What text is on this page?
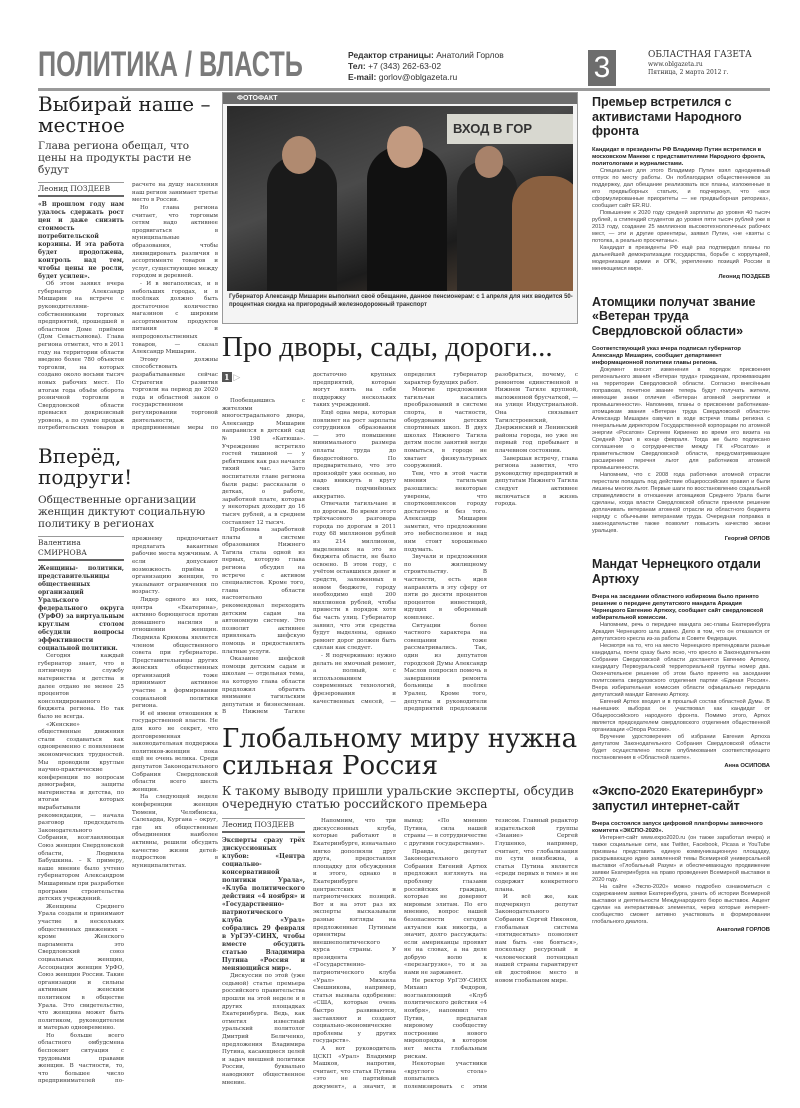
ПОЛИТИКА / ВЛАСТЬ	Редактор страницы: Анатолий Горлов
Тел: +7 (343) 262-63-02
E-mail: gorlov@oblgazeta.ru	3	ОБЛАСТНАЯ ГАЗЕТА
www.oblgazeta.ru
Пятница, 2 марта 2012 г.
Выбирай наше – местное
Глава региона обещал, что цены на продукты расти не будут
Леонид ПОЗДЕЕВ
«В прошлом году нам удалось сдержать рост цен и даже снизить стоимость потребительской корзины. И эта работа будет продолжена, контроль над тем, чтобы цены не росли, будет усилен».

Об этом заявил вчера губернатор Александр Мишарин на встрече с руководителями-собственниками торговых предприятий, прошедшей в областном Доме приёмов (Дом Севастьянова). Глава региона отметил, что в 2011 году на территории области введено более 780 объектов торговли, на которых создано около восьми тысяч новых рабочих мест. По итогам года объём оборота розничной торговли в Свердловской области превысил докризисный уровень, а по сумме продаж потребительских товаров в расчете на душу населения наш регион занимает третье место в России.

Но глава региона считает, что торговым сетям надо активнее продвигаться в муниципальные образования, чтобы ликвидировать различия в ассортименте товаров и услуг, существующие между городом и деревней.

- И в мегаполисах, и в небольших городах, и в посёлках должно быть достаточное количество магазинов с широким ассортиментом продуктов питания и непродовольственных товаров, — сказал Александр Мишарин.

Этому должны способствовать разрабатываемые сейчас Стратегия развития торговли на период до 2020 года и областной закон о государственном регулировании торговой деятельности, предприниемые меры по

Вперёд, подруги!
Общественные организации женщин диктуют социальную политику в регионах
Валентина СМИРНОВА
Женщины- политики, представительницы общественных организаций Уральского федерального округа (УрФО) за виртуальным круглым столом обсудили вопросы эффективности социальной политики.

Сегодня каждый губернатор знает, что в пятничную службу материнства и детства и далее отдано не менее 25 процентов консолидированного бюджета региона. Но так было не всегда.

«Женские» общественные движения стали создаваться как одновременно с появлением экономических трудностей. Мы проводили круглые научно-практические конференции по вопросам демографии, защиты материнства и детства, по итогам которых вырабатывали рекомендации, — начала разговор председатель Законодательного Собрания, возглавляющая Союз женщин Свердловской области, Людмила Бабушкина. – К примеру, наше мнение было учтено губернатором Александром Мишариным при разработке программ строительства детских учреждений.

Женщины Среднего Урала создали и принимают участие в нескольких общественных движениях – кроме Женского парламента это Свердловский союз социальных женщин, Ассоциация женщин УрФО, Союз женщин России. Такие организации и сильны активным женским политиком в обществе Урала. Это свидетельство, что женщина может быть политиком, руководителем и матерью одновременно.

Но больше всего областного омбудсмена беспокоит ситуация с трудовыми правами женщин. В частности, то, что большее число предпринимателей по-прежнему предпочитает предлагать вакантные рабочие места мужчинам. А если допускают возможность приёма в организацию женщин, то указывают ограничения по возрасту.

Лидер одного из них, центра «Екатерина», активно борющегося против домашнего насилия в отношении женщин. Людмила Крюкова является членом общественного совета при губернаторе. Представительницы других женских общественных организаций тоже принимают активное участие в формировании социальной политики региона.

И её имени отношения к государственной власти. Не для кого не секрет, что долговременная законодательная поддержка политиков-женщин пока ещё не очень велика. Среди депутатов Законодательного Собрания Свердловской области всего шесть женщин.

На следующей неделе конференции женщин Тюмени, Челябинска, Салехарда, Кургана – округ, где их общественные объединения наиболее активны, решили обсудить качество жизни детей-подростков в муниципалитетах.

ФОТОФАКТ
ВХОД В ГОР
Губернатор Александр Мишарин выполнил своё обещание, данное пенсионерам: с 1 апреля для них вводится 50-процентная скидка на пригородный железнодорожный транспорт
Про дворы, сады, дороги...
1 ▷

Пообещавшись с жителями многострадального двора, Александр Мишарин направился в детский сад № 198 «Катюша». Учреждение встретило гостей тишиной — у ребятишек как раз начался тихий час. Зато воспитатели главе региона были рады: рассказали о детках, о работе, заработной плате, которая у некоторых доходит до 16 тысяч рублей, а в среднем составляет 12 тысяч.

Проблема заработной платы в системе образования Нижнего Тагила стала одной из первых, которую глава региона обсудил на встрече с активом специалистов. Кроме того, глава области настоятельно рекомендовал переходить детским садам на автономную систему. Это позволит активнее привлекать шефскую помощь и предоставлять платные услуги.

Оказание шефской помощи детским садам и школам — отдельная тема, на которую глава области предложил обратить внимание тагильским депутатам и бизнесменам. В Нижнем Тагиле достаточно крупных предприятий, которые могут взять на себя поддержку нескольких таких учреждений.

Ещё одна мера, которая повлияет на рост зарплаты сотрудников образования — это повышение минимального размера оплаты труда до биодостойного. По предварительно, что это произойдёт уже осенью, но надо вникнуть в кругу своих подчинённых аккуратно.

Отвечали тагильчане и по дорогам. Во время этого трёхчасового разговора города по дорогам в 2011 году 68 миллионов рублей из 214 миллионов, выделенных на это из бюджета области, не было освоено. В этом году, с учётом оставшихся денег и средств, заложенных в новом бюджете, городу необходимо ещё 200 миллионов рублей, чтобы привести в порядок хотя бы часть улиц. Губернатор заявил, что эти средства будут выделены, однако ремонт дорог должен быть сделан как следует.

- Я подчеркиваю: нужно делать не ямочный ремонт, а полный, с использованием современных технологий, фрезерования и качественных смесей, — определил губернатор характер будущих работ.

Многие предложения тагильчан касались преобразований в системе спорта, в частности, оборудования детских спортивных школ. В двух школах Нижнего Тагила детям после занятий негде помыться, в городе не хватает физкультурных сооружений.

Тем, что в этой части мнения тагильчан разошлись: некоторые уверены, что спорткомплексов городу достаточно и без того. Александр Мишарин заметил, что предложение это небесполезное и над ним стоит хорошенько подумать.

Звучали и предложения по жилищному строительству. В частности, есть идея направлять в эту сферу от пяти до десяти процентов процентов инвестиций, идущих в оборонный комплекс.

Ситуации более частного характера на совещании тоже рассматривались. Так, один из депутатов городской Думы Александр Маслов попросил помочь в завершении ремонта больницы в посёлке Уралец. Кроме того, депутаты и руководители предприятий предложили разобраться, почему, с ремонтом единственной в Нижнем Тагиле крупной, выложенной брусчаткой, — на улице Индустриальной. Она связывает Тагилстроевский, Дзержинский и Ленинский районы города, но уже не первый год пребывает в плачевном состоянии.

Завершая встречу, глава региона заметил, что руководству предприятий и депутатам Нижнего Тагила следует активнее включаться в жизнь города.

Глобальному миру нужна сильная Россия
К такому выводу пришли уральские эксперты, обсудив очередную статью российского премьера
Леонид ПОЗДЕЕВ
Эксперты сразу трёх дискуссионных клубов: «Центра социально-консервативной политики Урала», «Клуба политического действия «4 ноября» и «Государственно-патриотического клуба «Урал» собрались 29 февраля в УрГЭУ-СИНХ, чтобы вместе обсудить статью Владимира Путина «Россия и меняющийся мир».

Дискуссии по этой (уже седьмой) статье премьера российского правительства прошли на этой неделе и в других площадках Екатеринбурга. Ведь, как отметил известный уральский политолог Дмитрий Беличенко, предложения Владимира Путина, касающиеся целей и задач внешней политики России, буквально наводняют общественное мнение.

Напомним, что три дискуссионных клуба, которые работают в Екатеринбурге, изначально мягко дополняли друг друга, предоставляя площадку для обсуждения и этого, однако в Екатеринбурге центристских и патриотических позиций. Вот и на этот раз их эксперты высказывали разные взгляды на предложенные Путиным ориентиры внешнеполитического курса страны. У президента «Государственно-патриотического клуба «Урал» Михаила Свешникова, например, статья вызвала одобрение: «США, которые очень быстро развиваются, заставляют и создают социально-экономические проблемы у других государств».

А вот руководитель ЦСКП «Урал» Владимир Машков, напротив, считает, что статья Путина «это не партийный документ», а значит, и вывод: «По мнению Путина, сила нашей страны — в сотрудничестве с другими государствами».

Правда, депутат Законодательного Собрания Евгений Артюх предложил взглянуть на проблему глазами российских граждан, которые не доверяют мировым элитам. По его мнению, вопрос нашей безопасности сегодня актуален как никогда, а значит, долго рассуждать: если американцы проявят не на словах, а на деле добрую волю к «перезагрузке», то и за нами не заржавеет.

Не ректор УрГЭУ-СИНХ Михаил Федоров, возглавляющий «Клуб политического действия «4 ноября», напомнил что Путин, предлагая мировому сообществу построение нового миропорядка, в котором нет места глобальным рискам.

Некоторые участники «круглого стола» попытались полемизировать с этим тезисом. Главный редактор издательской группы «Знание» Сергей Глушенко, например, считает, что глобализация по сути неизбежна, а статья Путина является «среди первых в теме» и не содержит конкретного плана.

И всё же, как подчеркнул депутат Законодательного Собрания Сергей Никонов, глобальная система «пятидесятых» позволяет нам быть «не бояться», поскольку ресурсный и человеческий потенциал нашей страны гарантирует ей достойное место в новом глобальном мире.

Премьер встретился с активистами Народного фронта
Кандидат в президенты РФ Владимир Путин встретился в московском Манеже с представителями Народного фронта, политологами и журналистами.

Специально для этого Владимир Путин взял однодневный отпуск по месту работы. Он поблагодарил общественников за поддержку, дал обещание реализовать все планы, изложенные в его предвыборных статьях, и подчеркнул, что «все сформулированные приоритеты — не предвыборная риторика», сообщает сайт ER.RU.

Повышение к 2020 году средней зарплаты до уровня 40 тысяч рублей, а стипендий студентов до уровня пяти тысяч рублей уже в 2013 году, создание 25 миллионов высокотехнологичных рабочих мест, — эти и другие ориентиры, заявил Путин, «не «взяты с потолка, а реально просчитаны».

Кандидат в президенты РФ ещё раз подтвердил планы по дальнейшей демократизации государства, борьбе с коррупцией, модернизации армии и ОПК, укреплению позиций России в меняющемся мире.

Леонид ПОЗДЕЕВ
Атомщики получат звание «Ветеран труда Свердловской области»
Соответствующий указ вчера подписал губернатор Александр Мишарин, сообщает департамент информационной политики главы региона.

Документ вносит изменения в порядок присвоения регионального звания «Ветеран труда» гражданам, проживающим на территории Свердловской области. Согласно внесённым поправкам, почетное звание теперь будут получать жители, имеющие знаки отличия «Ветеран атомной энергетики и промышленности». Напомним, планы о присвоении работникам-атомщикам звания «Ветеран труда Свердловской области» Александр Мишарин озвучил в ходе встречи главы региона с генеральным директором Государственной корпорации по атомной энергии «Росатом» Сергеем Кириенко во время его визита на Средний Урал в конце февраля. Тогда же было подписано соглашение о сотрудничестве между ГК «Росатом» и правительством Свердловской области, предусматривающее расширение перечня льгот для работников атомной промышленности.

Напомним, что с 2008 года работники атомной отрасли перестали попадать под действие общероссийских правил и были лишены многих льгот. Первые шаги по восстановлению социальной справедливости в отношении атомщиков Среднего Урала были сделаны, когда власти Свердловской области приняли решение доплачивать ветеранам атомной отрасли из областного бюджета наряду с обычными ветеранами труда. Очередная поправка в законодательстве также позволит повысить качество жизни уральцев.

Георгий ОРЛОВ
Мандат Чернецкого отдали Артюху
Вчера на заседании областного избиркома было принято решение о передаче депутатского мандата Аркадия Чернецкого Евгению Артюху, сообщает сайт свердловской избирательной комиссии.

Напомним, речь о передаче мандата экс-главы Екатеринбурга Аркадия Чернецкого шла давно. Дело в том, что он отказался от депутатского кресла из-за работы в Совете Федерации.

Несмотря на то, что на место Чернецкого претендовали разные кандидаты, почти сразу было ясно, что кресло в Законодательном Собрании Свердловской области достанется Евгению Артюху, кандидату Первоуральской территориальной группы номер два. Окончательное решение об этом было принято на заседании политсовета свердловского отделения партии «Единая Россия». Вчера избирательная комиссия области официально передала депутатский мандат Евгению Артюху.

Евгений Артюх входил и в прошлый состав областной Думы. В нынешних выборах он участвовал как кандидат от Общероссийского народного фронта. Помимо этого, Артюх является председателем свердловского отделения общественной организации «Опора России».

Вручение удостоверения об избрании Евгения Артюха депутатом Законодательного Собрания Свердловской области будет осуществлено после опубликования соответствующего постановления в «Областной газете».

Анна ОСИПОВА
«Экспо-2020 Екатеринбург» запустил интернет-сайт
Вчера состоялся запуск цифровой платформы заявочного комитета «ЭКСПО-2020».

Интернет-сайт www.expo2020.ru (он также заработал вчера) и также социальные сети, как Twitter, Facebook, Picasa и YouTube призваны представить единую коммуникационную площадку, раскрывающую идею заявленной темы Всемирной универсальной выставки «Глобальный Разум» и обеспечивающую продвижение заявки Екатеринбурга на право проведения Всемирной выставки в 2020 году.

На сайте «Экспо-2020» можно подробно ознакомиться с содержанием заявки Екатеринбурга, узнать об истории Всемирной выставки и деятельности Международного бюро выставок. Акцент сделан на интерактивных элементах, через которые интернет-сообщество сможет активно участвовать в формировании глобального диалога.

Анатолий ГОРЛОВ
